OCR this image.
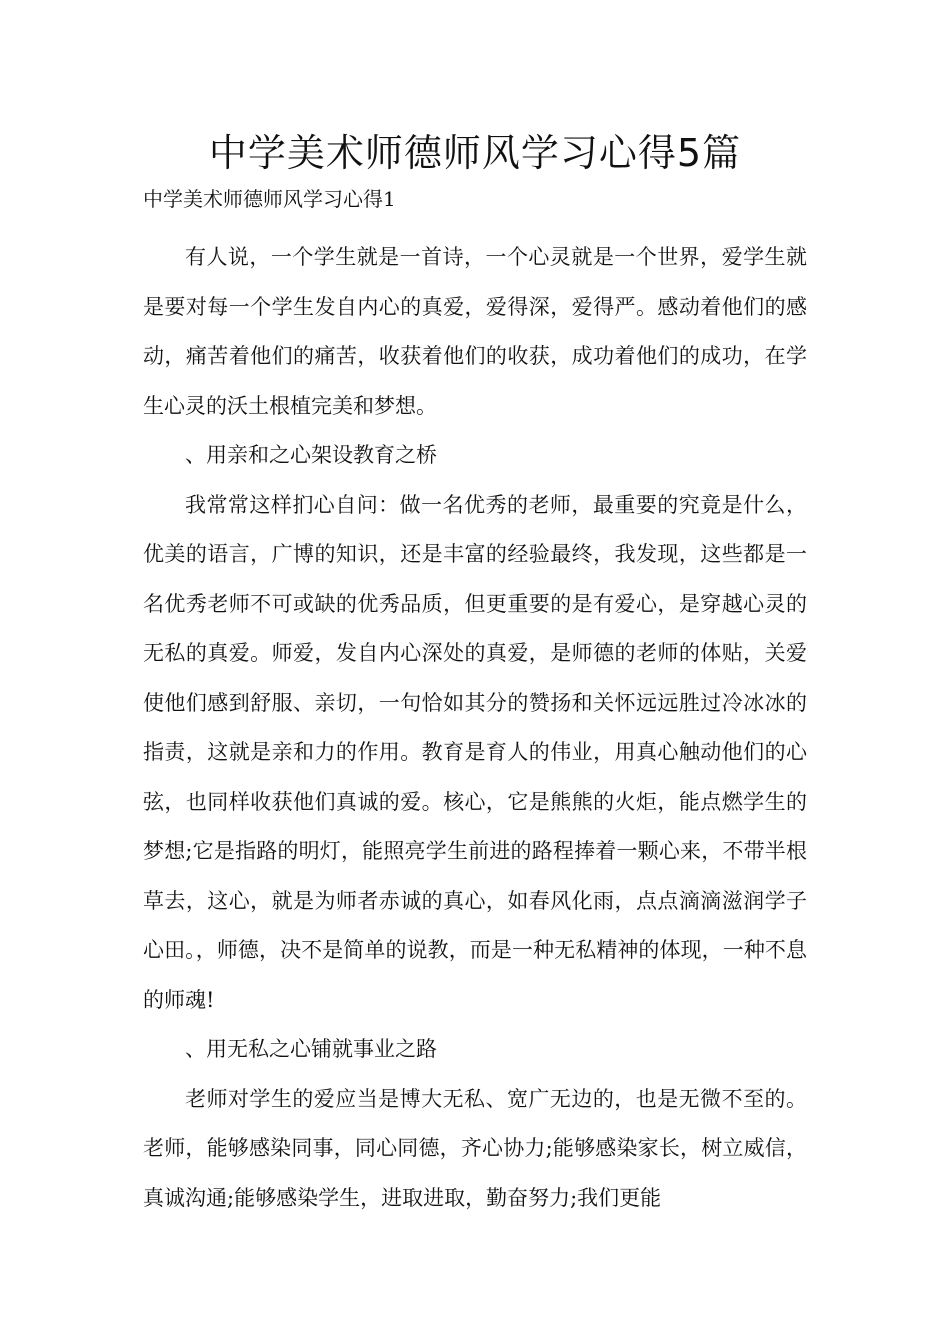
中学美术师德师风学习心得5篇

中学美术师德师风学习心得1

有人说，一个学生就是一首诗，一个心灵就是一个世界，爱学生就是要对每一个学生发自内心的真爱，爱得深，爱得严。感动着他们的感动，痛苦着他们的痛苦，收获着他们的收获，成功着他们的成功，在学生心灵的沃土根植完美和梦想。

、用亲和之心架设教育之桥

我常常这样扪心自问：做一名优秀的老师，最重要的究竟是什么，优美的语言，广博的知识，还是丰富的经验最终，我发现，这些都是一名优秀老师不可或缺的优秀品质，但更重要的是有爱心，是穿越心灵的无私的真爱。师爱，发自内心深处的真爱，是师德的老师的体贴，关爱使他们感到舒服、亲切，一句恰如其分的赞扬和关怀远远胜过冷冰冰的指责，这就是亲和力的作用。教育是育人的伟业，用真心触动他们的心弦，也同样收获他们真诚的爱。核心，它是熊熊的火炬，能点燃学生的梦想;它是指路的明灯，能照亮学生前进的路程捧着一颗心来，不带半根草去，这心，就是为师者赤诚的真心，如春风化雨，点点滴滴滋润学子心田。，师德，决不是简单的说教，而是一种无私精神的体现，一种不息的师魂!

、用无私之心铺就事业之路

老师对学生的爱应当是博大无私、宽广无边的，也是无微不至的。老师，能够感染同事，同心同德，齐心协力;能够感染家长，树立威信，真诚沟通;能够感染学生，进取进取，勤奋努力;我们更能
